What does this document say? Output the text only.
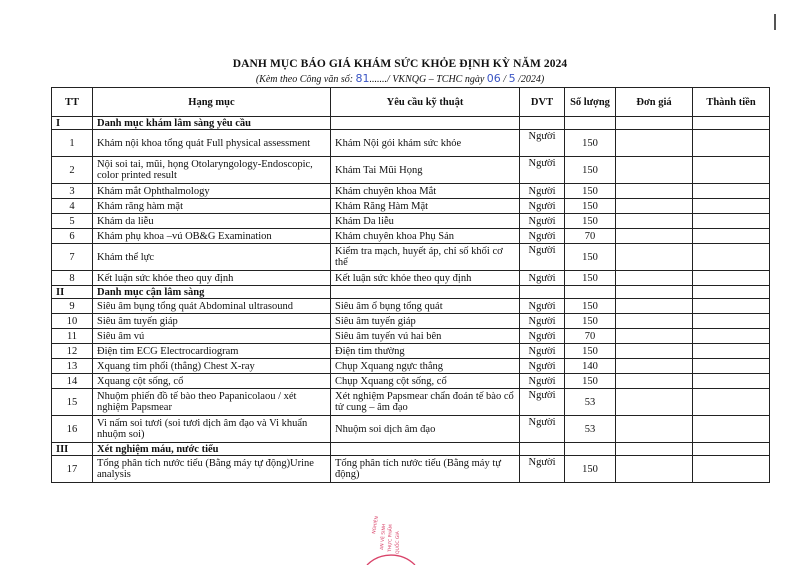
DANH MỤC BÁO GIÁ KHÁM SỨC KHỎE ĐỊNH KỲ NĂM 2024
(Kèm theo Công văn số: 81......./ VKNQG – TCHC ngày 06 / 5 /2024)
TT	Hạng mục	Yêu cầu kỹ thuật	DVT	Số lượng	Đơn giá	Thành tiền
I	Danh mục khám lâm sàng yêu cầu					
1	Khám nội khoa tổng quát Full physical assessment	Khám Nội gói khám sức khỏe	Người	150		
2	Nội soi tai, mũi, họng Otolaryngology-Endoscopic, color printed result	Khám Tai Mũi Họng	Người	150		
3	Khám mắt Ophthalmology	Khám chuyên khoa Mắt	Người	150		
4	Khám răng hàm mặt	Khám Răng Hàm Mặt	Người	150		
5	Khám da liễu	Khám Da liễu	Người	150		
6	Khám phụ khoa –vú OB&G Examination	Khám chuyên khoa Phụ Sản	Người	70		
7	Khám thể lực	Kiểm tra mạch, huyết áp, chỉ số khối cơ thể	Người	150		
8	Kết luận sức khỏe theo quy định	Kết luận sức khỏe theo quy định	Người	150		
II	Danh mục cận lâm sàng					
9	Siêu âm bụng tổng quát Abdominal ultrasound	Siêu âm ổ bụng tổng quát	Người	150		
10	Siêu âm tuyến giáp	Siêu âm tuyến giáp	Người	150		
11	Siêu âm vú	Siêu âm tuyến vú hai bên	Người	70		
12	Điện tim ECG Electrocardiogram	Điện tim thường	Người	150		
13	Xquang tim phổi (thẳng) Chest X-ray	Chụp Xquang ngực thẳng	Người	140		
14	Xquang cột sống, cổ	Chụp Xquang cột sống, cổ	Người	150		
15	Nhuộm phiến đồ tế bào theo Papanicolaou / xét nghiệm Papsmear	Xét nghiệm Papsmear chẩn đoán tế bào cổ tử cung – âm đạo	Người	53		
16	Vi nấm soi tươi (soi tươi dịch âm đạo và Vi khuẩn nhuộm soi)	Nhuộm soi dịch âm đạo	Người	53		
III	Xét nghiệm máu, nước tiểu					
17	Tổng phân tích nước tiểu (Bằng máy tự động)Urine analysis	Tổng phân tích nước tiểu (Bằng máy tự động)	Người	150		
NGHIÊN AN VỆ SINH THỰC PHẨM QUỐC GIA
